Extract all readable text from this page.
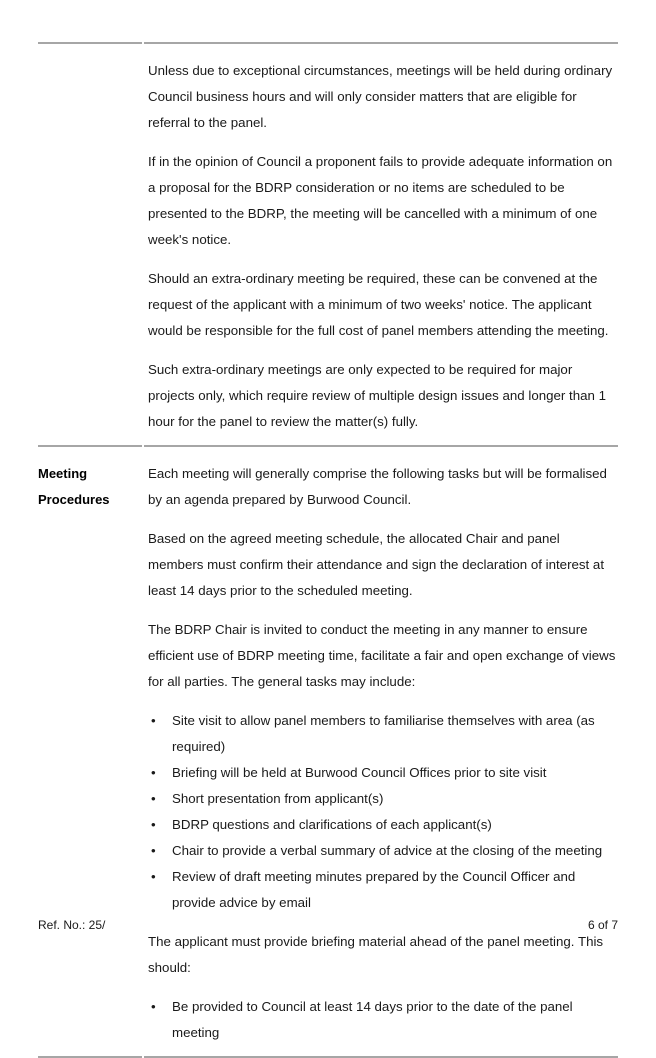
Unless due to exceptional circumstances, meetings will be held during ordinary Council business hours and will only consider matters that are eligible for referral to the panel.

If in the opinion of Council a proponent fails to provide adequate information on a proposal for the BDRP consideration or no items are scheduled to be presented to the BDRP, the meeting will be cancelled with a minimum of one week's notice.

Should an extra-ordinary meeting be required, these can be convened at the request of the applicant with a minimum of two weeks' notice. The applicant would be responsible for the full cost of panel members attending the meeting.

Such extra-ordinary meetings are only expected to be required for major projects only, which require review of multiple design issues and longer than 1 hour for the panel to review the matter(s) fully.

Meeting
Procedures

Each meeting will generally comprise the following tasks but will be formalised by an agenda prepared by Burwood Council.

Based on the agreed meeting schedule, the allocated Chair and panel members must confirm their attendance and sign the declaration of interest at least 14 days prior to the scheduled meeting.

The BDRP Chair is invited to conduct the meeting in any manner to ensure efficient use of BDRP meeting time, facilitate a fair and open exchange of views for all parties. The general tasks may include:

• Site visit to allow panel members to familiarise themselves with area (as required)
• Briefing will be held at Burwood Council Offices prior to site visit
• Short presentation from applicant(s)
• BDRP questions and clarifications of each applicant(s)
• Chair to provide a verbal summary of advice at the closing of the meeting
• Review of draft meeting minutes prepared by the Council Officer and provide advice by email

The applicant must provide briefing material ahead of the panel meeting. This should:

• Be provided to Council at least 14 days prior to the date of the panel meeting
Ref. No.: 25/	6 of 7
